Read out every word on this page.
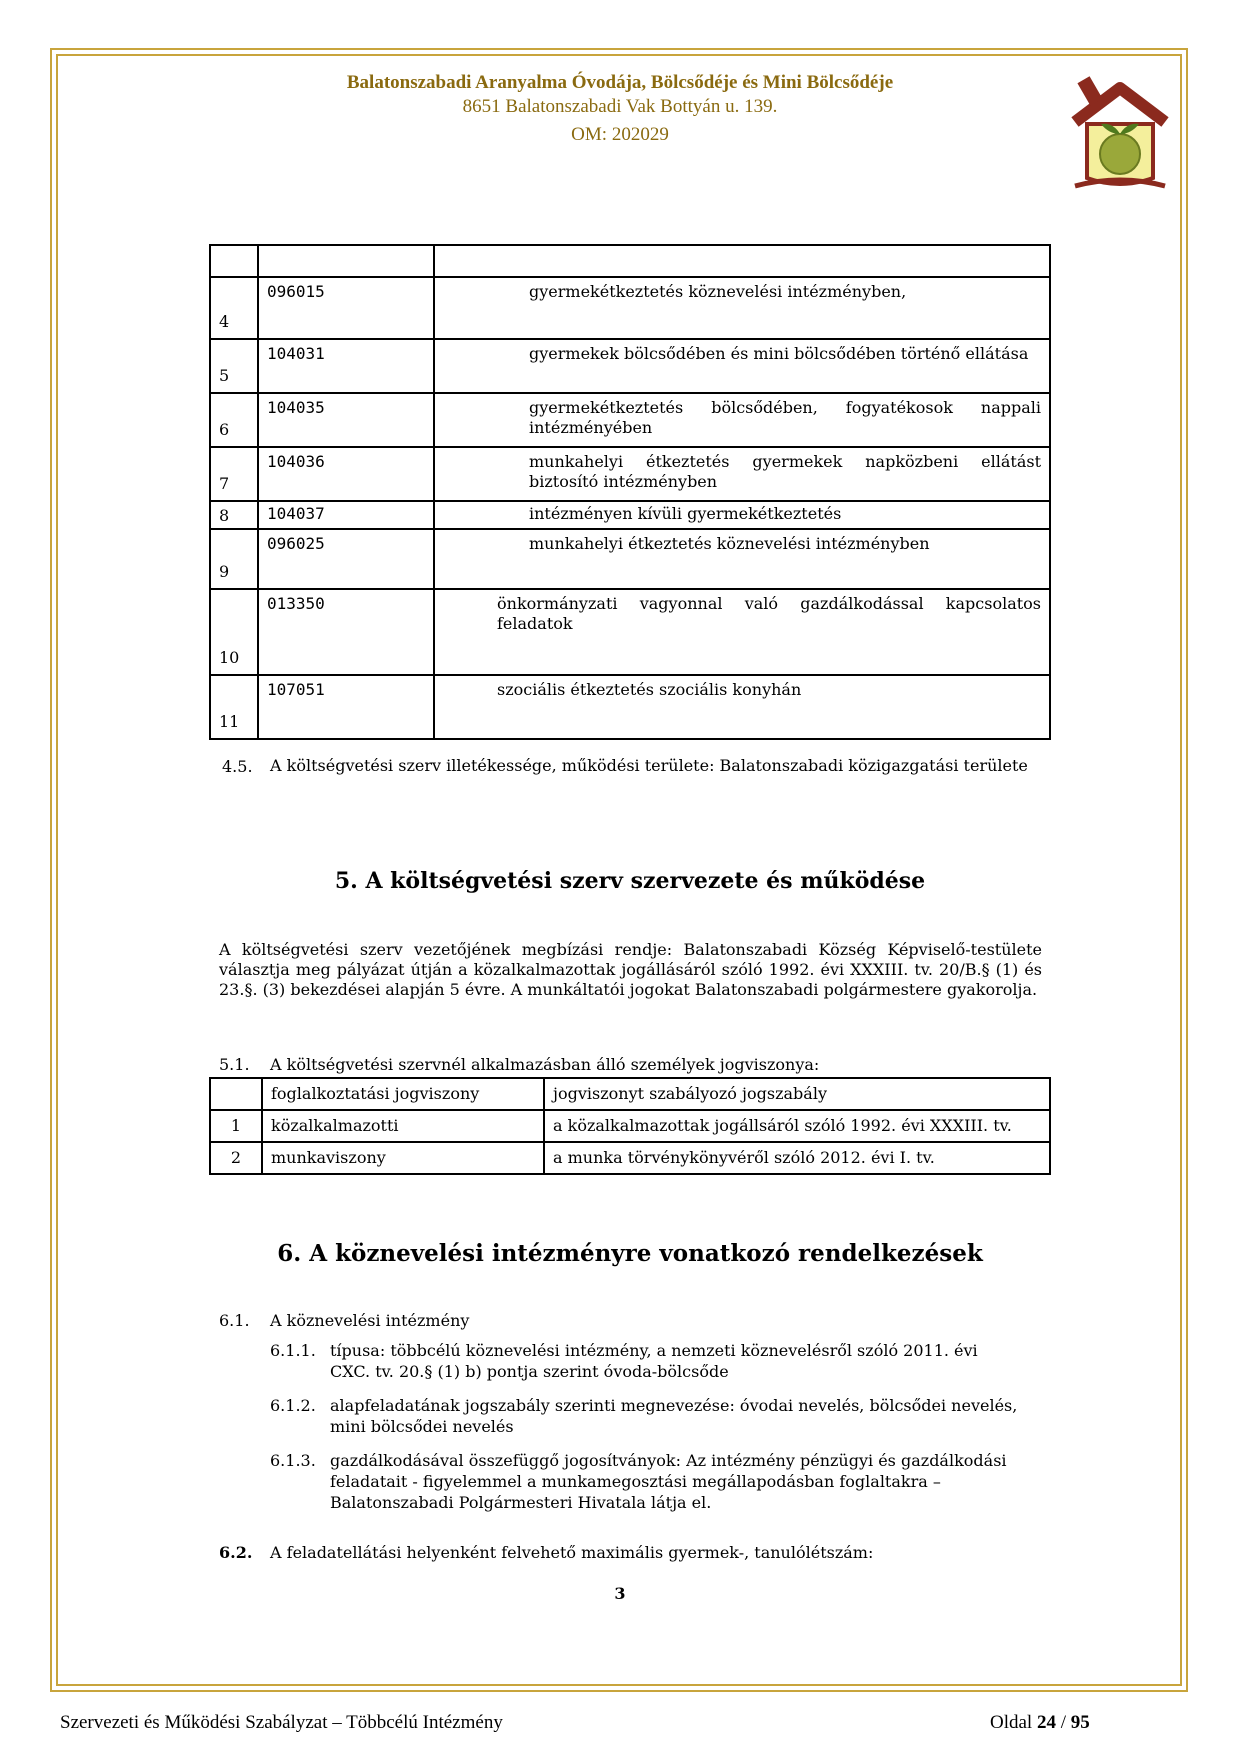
Balatonszabadi Aranyalma Óvodája, Bölcsődéje és Mini Bölcsődéje
8651 Balatonszabadi Vak Bottyán u. 139.
OM: 202029

4	096015	gyermekétkeztetés köznevelési intézményben,
5	104031	gyermekek bölcsődében és mini bölcsődében történő ellátása
6	104035	gyermekétkeztetés bölcsődében, fogyatékosok nappali intézményében
7	104036	munkahelyi étkeztetés gyermekek napközbeni ellátást biztosító intézményben
8	104037	intézményen kívüli gyermekétkeztetés
9	096025	munkahelyi étkeztetés köznevelési intézményben
10	013350	önkormányzati vagyonnal való gazdálkodással kapcsolatos feladatok
11	107051	szociális étkeztetés szociális konyhán
4.5. A költségvetési szerv illetékessége, működési területe: Balatonszabadi közigazgatási területe
5. A költségvetési szerv szervezete és működése
A költségvetési szerv vezetőjének megbízási rendje: Balatonszabadi Község Képviselő-testülete választja meg pályázat útján a közalkalmazottak jogállásáról szóló 1992. évi XXXIII. tv. 20/B.§ (1) és 23.§. (3) bekezdései alapján 5 évre. A munkáltatói jogokat Balatonszabadi polgármestere gyakorolja.
5.1. A költségvetési szervnél alkalmazásban álló személyek jogviszonya:
	foglalkoztatási jogviszony	jogviszonyt szabályozó jogszabály
1	közalkalmazotti	a közalkalmazottak jogállsáról szóló 1992. évi XXXIII. tv.
2	munkaviszony	a munka törvénykönyvéről szóló 2012. évi I. tv.
6. A köznevelési intézményre vonatkozó rendelkezések
6.1. A köznevelési intézmény
6.1.1. típusa: többcélú köznevelési intézmény, a nemzeti köznevelésről szóló 2011. évi CXC. tv. 20.§ (1) b) pontja szerint óvoda-bölcsőde
6.1.2. alapfeladatának jogszabály szerinti megnevezése: óvodai nevelés, bölcsődei nevelés, mini bölcsődei nevelés
6.1.3. gazdálkodásával összefüggő jogosítványok: Az intézmény pénzügyi és gazdálkodási feladatait - figyelemmel a munkamegosztási megállapodásban foglaltakra – Balatonszabadi Polgármesteri Hivatala látja el.
6.2. A feladatellátási helyenként felvehető maximális gyermek-, tanulólétszám:
3
Szervezeti és Működési Szabályzat – Többcélú Intézmény	Oldal 24 / 95
